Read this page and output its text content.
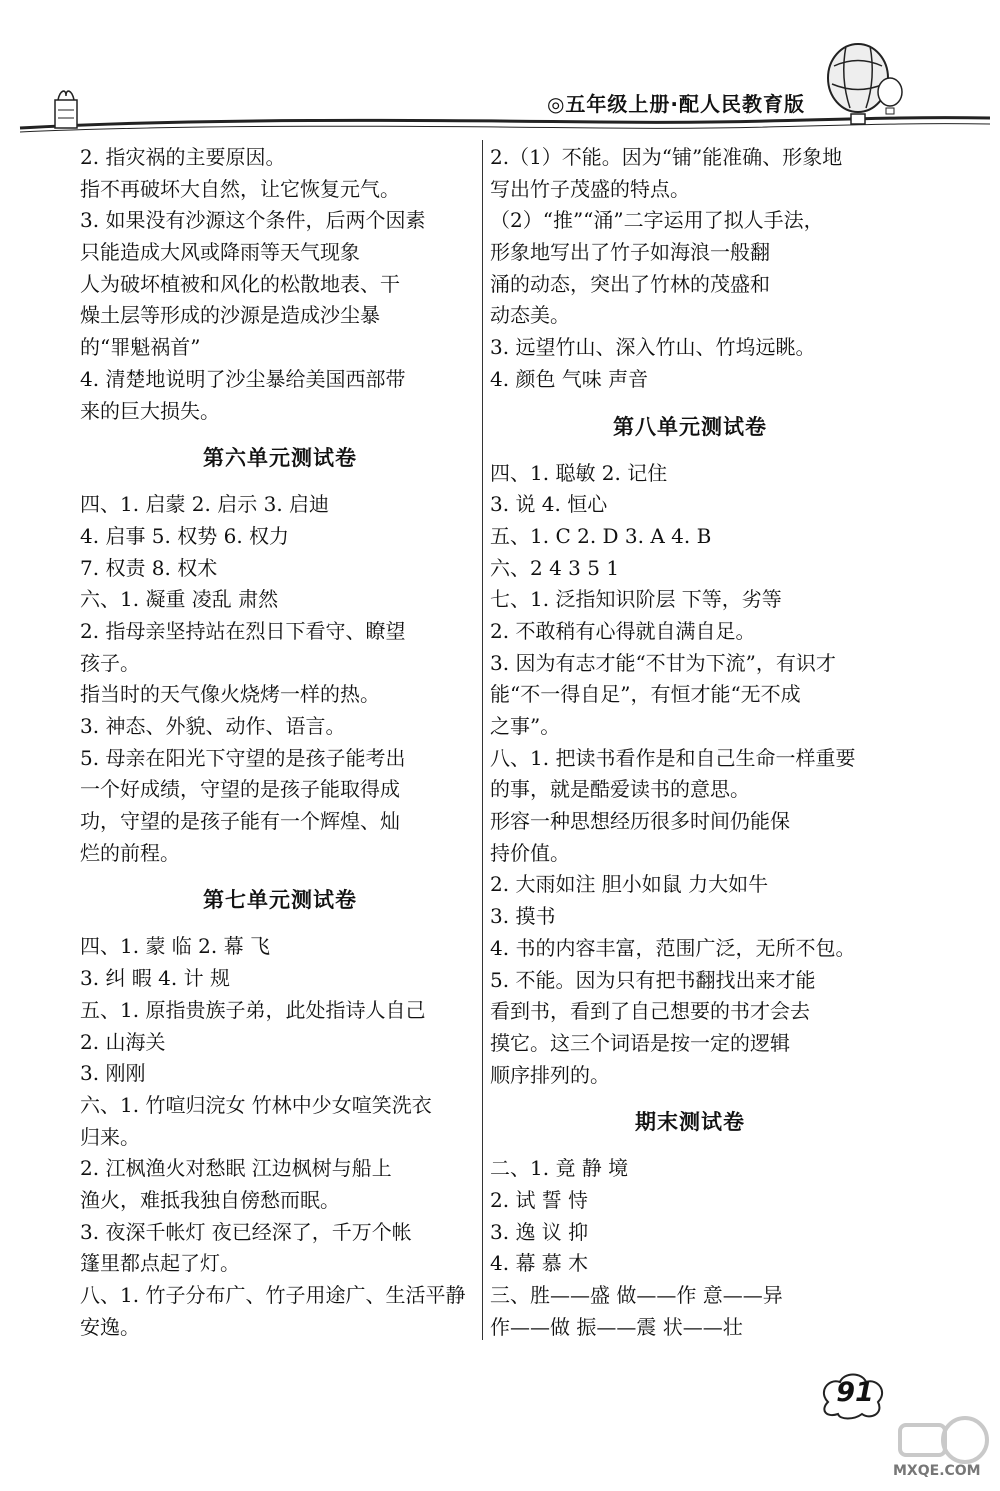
◎五年级上册·配人民教育版
2. 指灾祸的主要原因。
指不再破坏大自然，让它恢复元气。
3. 如果没有沙源这个条件，后两个因素
只能造成大风或降雨等天气现象
人为破坏植被和风化的松散地表、干
燥土层等形成的沙源是造成沙尘暴
的“罪魁祸首”
4. 清楚地说明了沙尘暴给美国西部带
来的巨大损失。
第六单元测试卷
四、1. 启蒙 2. 启示 3. 启迪
4. 启事 5. 权势 6. 权力
7. 权责 8. 权术
六、1. 凝重 凌乱 肃然
2. 指母亲坚持站在烈日下看守、瞭望
孩子。
指当时的天气像火烧烤一样的热。
3. 神态、外貌、动作、语言。
5. 母亲在阳光下守望的是孩子能考出
一个好成绩，守望的是孩子能取得成
功，守望的是孩子能有一个辉煌、灿
烂的前程。
第七单元测试卷
四、1. 蒙 临 2. 幕 飞
3. 纠 暇 4. 计 规
五、1. 原指贵族子弟，此处指诗人自己
2. 山海关
3. 刚刚
六、1. 竹喧归浣女 竹林中少女喧笑洗衣
归来。
2. 江枫渔火对愁眠 江边枫树与船上
渔火，难抵我独自傍愁而眠。
3. 夜深千帐灯 夜已经深了，千万个帐
篷里都点起了灯。
八、1. 竹子分布广、竹子用途广、生活平静
安逸。
2.（1）不能。因为“铺”能准确、形象地
写出竹子茂盛的特点。
（2）“推”“涌”二字运用了拟人手法，
形象地写出了竹子如海浪一般翻
涌的动态，突出了竹林的茂盛和
动态美。
3. 远望竹山、深入竹山、竹坞远眺。
4. 颜色 气味 声音
第八单元测试卷
四、1. 聪敏 2. 记住
3. 说 4. 恒心
五、1. C 2. D 3. A 4. B
六、2 4 3 5 1
七、1. 泛指知识阶层 下等，劣等
2. 不敢稍有心得就自满自足。
3. 因为有志才能“不甘为下流”，有识才
能“不一得自足”，有恒才能“无不成
之事”。
八、1. 把读书看作是和自己生命一样重要
的事，就是酷爱读书的意思。
形容一种思想经历很多时间仍能保
持价值。
2. 大雨如注 胆小如鼠 力大如牛
3. 摸书
4. 书的内容丰富，范围广泛，无所不包。
5. 不能。因为只有把书翻找出来才能
看到书，看到了自己想要的书才会去
摸它。这三个词语是按一定的逻辑
顺序排列的。
期末测试卷
二、1. 竟 静 境
2. 试 誓 恃
3. 逸 议 抑
4. 幕 慕 木
三、胜——盛 做——作 意——异
作——做 振——震 状——壮
91
MXQE.COM
